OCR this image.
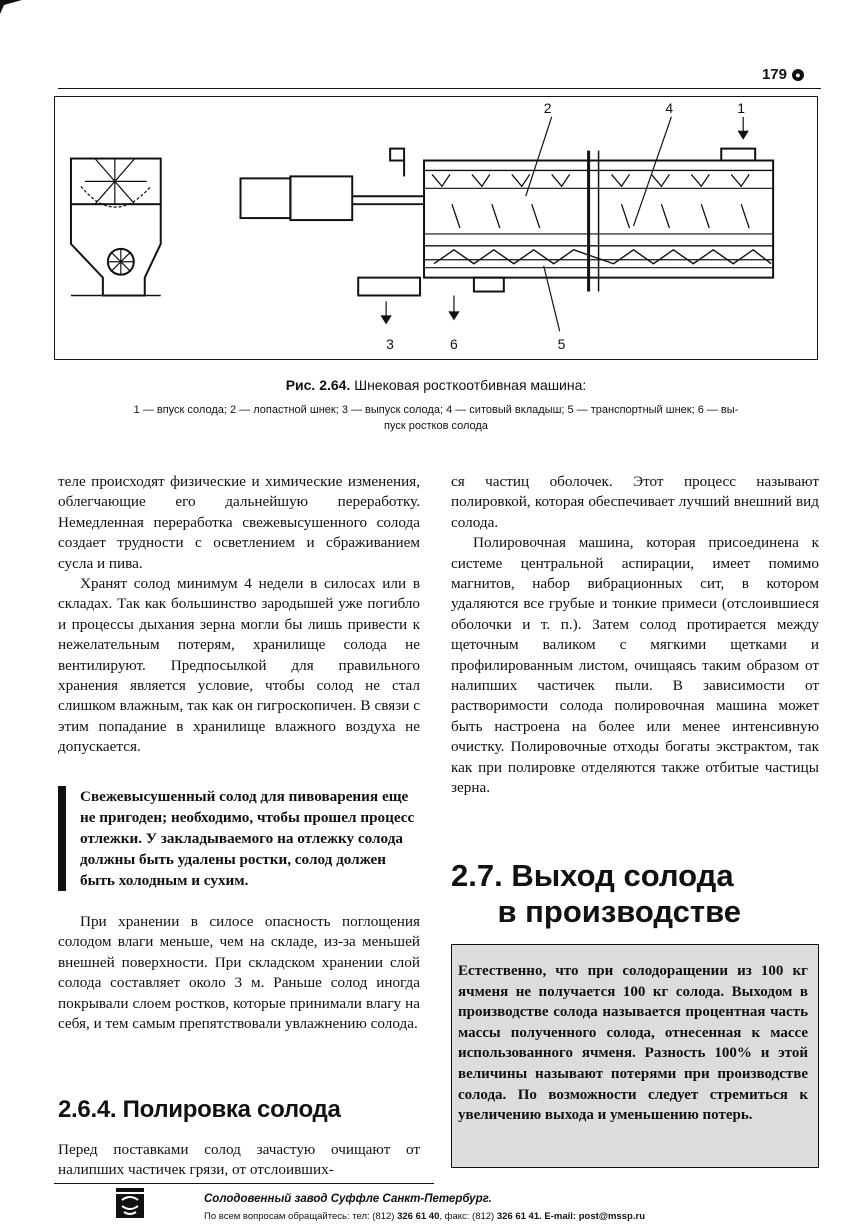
179 ●
1
2
3
4
5
6
Рис. 2.64. Шнековая росткоотбивная машина:
1 — впуск солода; 2 — лопастной шнек; 3 — выпуск солода; 4 — ситовый вкладыш; 5 — транспортный шнек; 6 — вы-
пуск ростков солода

теле происходят физические и химические изменения, облегчающие его дальнейшую переработку. Немедленная переработка свежевысушенного солода создает трудности с осветлением и сбраживанием сусла и пива.

Хранят солод минимум 4 недели в силосах или в складах. Так как большинство зародышей уже погибло и процессы дыхания зерна могли бы лишь привести к нежелательным потерям, хранилище солода не вентилируют. Предпосылкой для правильного хранения является условие, чтобы солод не стал слишком влажным, так как он гигроскопичен. В связи с этим попадание в хранилище влажного воздуха не допускается.

Свежевысушенный солод для пивоварения еще не пригоден; необходимо, чтобы прошел процесс отлежки. У закладываемого на отлежку солода должны быть удалены ростки, солод должен быть холодным и сухим.

При хранении в силосе опасность поглощения солодом влаги меньше, чем на складе, из-за меньшей внешней поверхности. При складском хранении слой солода составляет около 3 м. Раньше солод иногда покрывали слоем ростков, которые принимали влагу на себя, и тем самым препятствовали увлажнению солода.

2.6.4. Полировка солода

Перед поставками солод зачастую очищают от налипших частичек грязи, от отслоивших-

ся частиц оболочек. Этот процесс называют полировкой, которая обеспечивает лучший внешний вид солода.

Полировочная машина, которая присоединена к системе центральной аспирации, имеет помимо магнитов, набор вибрационных сит, в котором удаляются все грубые и тонкие примеси (отслоившиеся оболочки и т. п.). Затем солод протирается между щеточным валиком с мягкими щетками и профилированным листом, очищаясь таким образом от налипших частичек пыли. В зависимости от растворимости солода полировочная машина может быть настроена на более или менее интенсивную очистку. Полировочные отходы богаты экстрактом, так как при полировке отделяются также отбитые частицы зерна.

2.7. Выход солода
в производстве
Естественно, что при солодоращении из 100 кг ячменя не получается 100 кг солода. Выходом в производстве солода называется процентная часть массы полученного солода, отнесенная к массе использованного ячменя. Разность 100% и этой величины называют потерями при производстве солода. По возможности следует стремиться к увеличению выхода и уменьшению потерь.
Солодовенный завод Суффле Санкт-Петербург.
По всем вопросам обращайтесь: тел: (812) 326 61 40, факс: (812) 326 61 41. E-mail: post@mssp.ru
